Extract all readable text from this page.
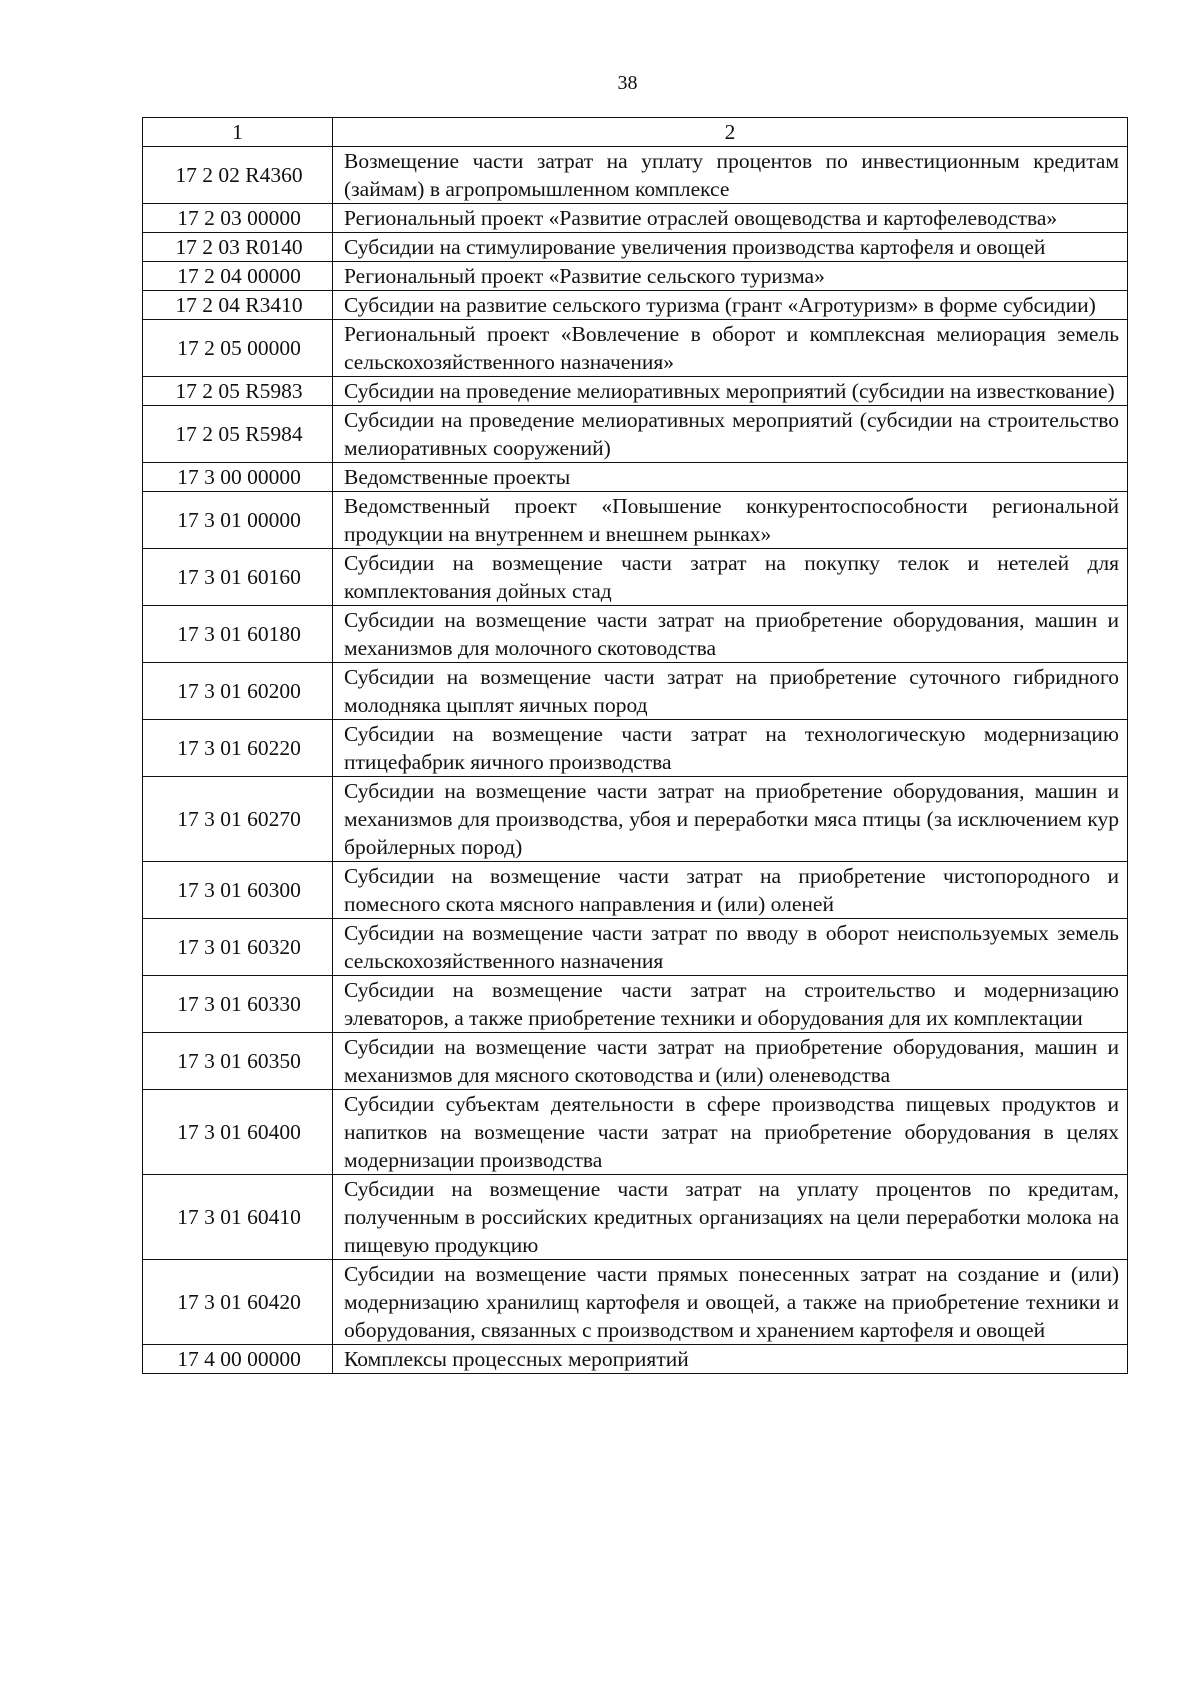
38
1	2
17 2 02 R4360	Возмещение части затрат на уплату процентов по инвестиционным кредитам (займам) в агропромышленном комплексе
17 2 03 00000	Региональный проект «Развитие отраслей овощеводства и картофелеводства»
17 2 03 R0140	Субсидии на стимулирование увеличения производства картофеля и овощей
17 2 04 00000	Региональный проект «Развитие сельского туризма»
17 2 04 R3410	Субсидии на развитие сельского туризма (грант «Агротуризм» в форме субсидии)
17 2 05 00000	Региональный проект «Вовлечение в оборот и комплексная мелиорация земель сельскохозяйственного назначения»
17 2 05 R5983	Субсидии на проведение мелиоративных мероприятий (субсидии на известкование)
17 2 05 R5984	Субсидии на проведение мелиоративных мероприятий (субсидии на строительство мелиоративных сооружений)
17 3 00 00000	Ведомственные проекты
17 3 01 00000	Ведомственный проект «Повышение конкурентоспособности региональной продукции на внутреннем и внешнем рынках»
17 3 01 60160	Субсидии на возмещение части затрат на покупку телок и нетелей для комплектования дойных стад
17 3 01 60180	Субсидии на возмещение части затрат на приобретение оборудования, машин и механизмов для молочного скотоводства
17 3 01 60200	Субсидии на возмещение части затрат на приобретение суточного гибридного молодняка цыплят яичных пород
17 3 01 60220	Субсидии на возмещение части затрат на технологическую модернизацию птицефабрик яичного производства
17 3 01 60270	Субсидии на возмещение части затрат на приобретение оборудования, машин и механизмов для производства, убоя и переработки мяса птицы (за исключением кур бройлерных пород)
17 3 01 60300	Субсидии на возмещение части затрат на приобретение чистопородного и помесного скота мясного направления и (или) оленей
17 3 01 60320	Субсидии на возмещение части затрат по вводу в оборот неиспользуемых земель сельскохозяйственного назначения
17 3 01 60330	Субсидии на возмещение части затрат на строительство и модернизацию элеваторов, а также приобретение техники и оборудования для их комплектации
17 3 01 60350	Субсидии на возмещение части затрат на приобретение оборудования, машин и механизмов для мясного скотоводства и (или) оленеводства
17 3 01 60400	Субсидии субъектам деятельности в сфере производства пищевых продуктов и напитков на возмещение части затрат на приобретение оборудования в целях модернизации производства
17 3 01 60410	Субсидии на возмещение части затрат на уплату процентов по кредитам, полученным в российских кредитных организациях на цели переработки молока на пищевую продукцию
17 3 01 60420	Субсидии на возмещение части прямых понесенных затрат на создание и (или) модернизацию хранилищ картофеля и овощей, а также на приобретение техники и оборудования, связанных с производством и хранением картофеля и овощей
17 4 00 00000	Комплексы процессных мероприятий
